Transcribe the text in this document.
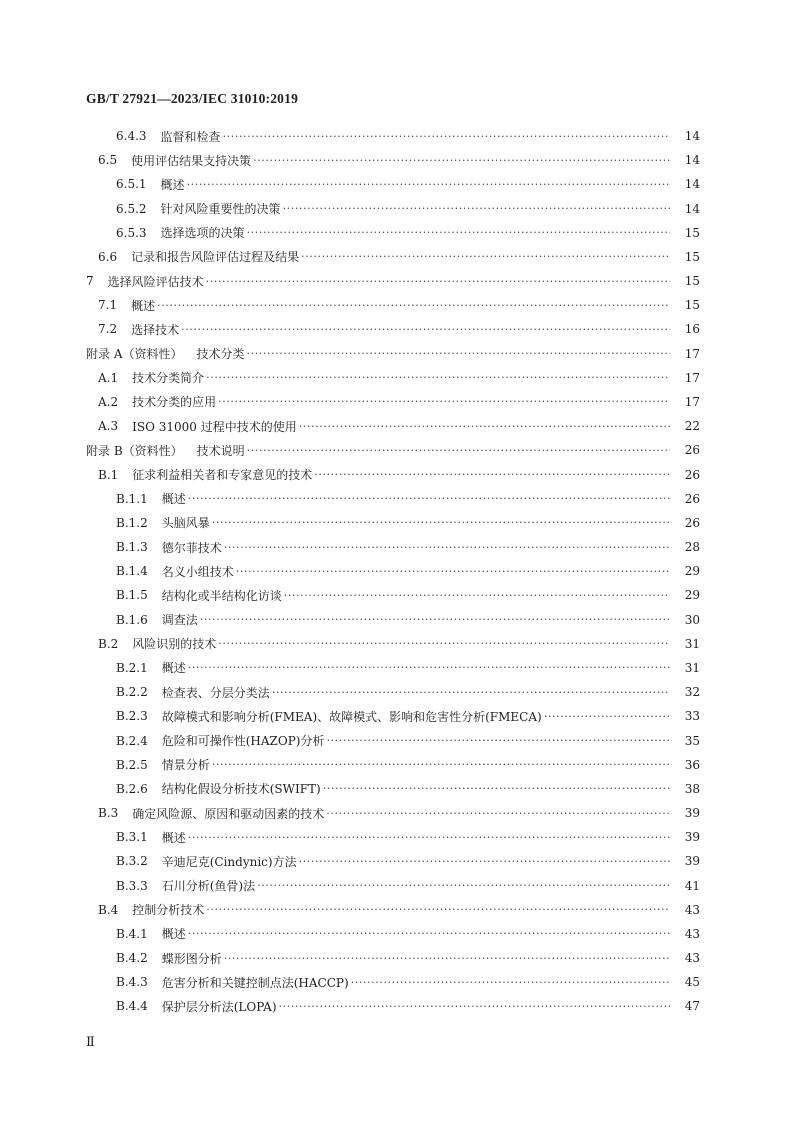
GB/T 27921—2023/IEC 31010:2019
6.4.3 监督和检查 ·····	14
6.5 使用评估结果支持决策 ·····	14
6.5.1 概述 ·····	14
6.5.2 针对风险重要性的决策 ·····	14
6.5.3 选择选项的决策 ·····	15
6.6 记录和报告风险评估过程及结果 ·····	15
7 选择风险评估技术 ·····	15
7.1 概述 ·····	15
7.2 选择技术 ·····	16
附录 A（资料性） 技术分类 ·····	17
A.1 技术分类简介 ·····	17
A.2 技术分类的应用 ·····	17
A.3 ISO 31000 过程中技术的使用 ·····	22
附录 B（资料性） 技术说明 ·····	26
B.1 征求利益相关者和专家意见的技术 ·····	26
B.1.1 概述 ·····	26
B.1.2 头脑风暴 ·····	26
B.1.3 德尔菲技术 ·····	28
B.1.4 名义小组技术 ·····	29
B.1.5 结构化或半结构化访谈 ·····	29
B.1.6 调查法 ·····	30
B.2 风险识别的技术 ·····	31
B.2.1 概述 ·····	31
B.2.2 检查表、分层分类法 ·····	32
B.2.3 故障模式和影响分析(FMEA)、故障模式、影响和危害性分析(FMECA) ·····	33
B.2.4 危险和可操作性(HAZOP)分析 ·····	35
B.2.5 情景分析 ·····	36
B.2.6 结构化假设分析技术(SWIFT) ·····	38
B.3 确定风险源、原因和驱动因素的技术 ·····	39
B.3.1 概述 ·····	39
B.3.2 辛迪尼克(Cindynic)方法 ·····	39
B.3.3 石川分析(鱼骨)法 ·····	41
B.4 控制分析技术 ·····	43
B.4.1 概述 ·····	43
B.4.2 蝶形图分析 ·····	43
B.4.3 危害分析和关键控制点法(HACCP) ·····	45
B.4.4 保护层分析法(LOPA) ·····	47
Ⅱ
